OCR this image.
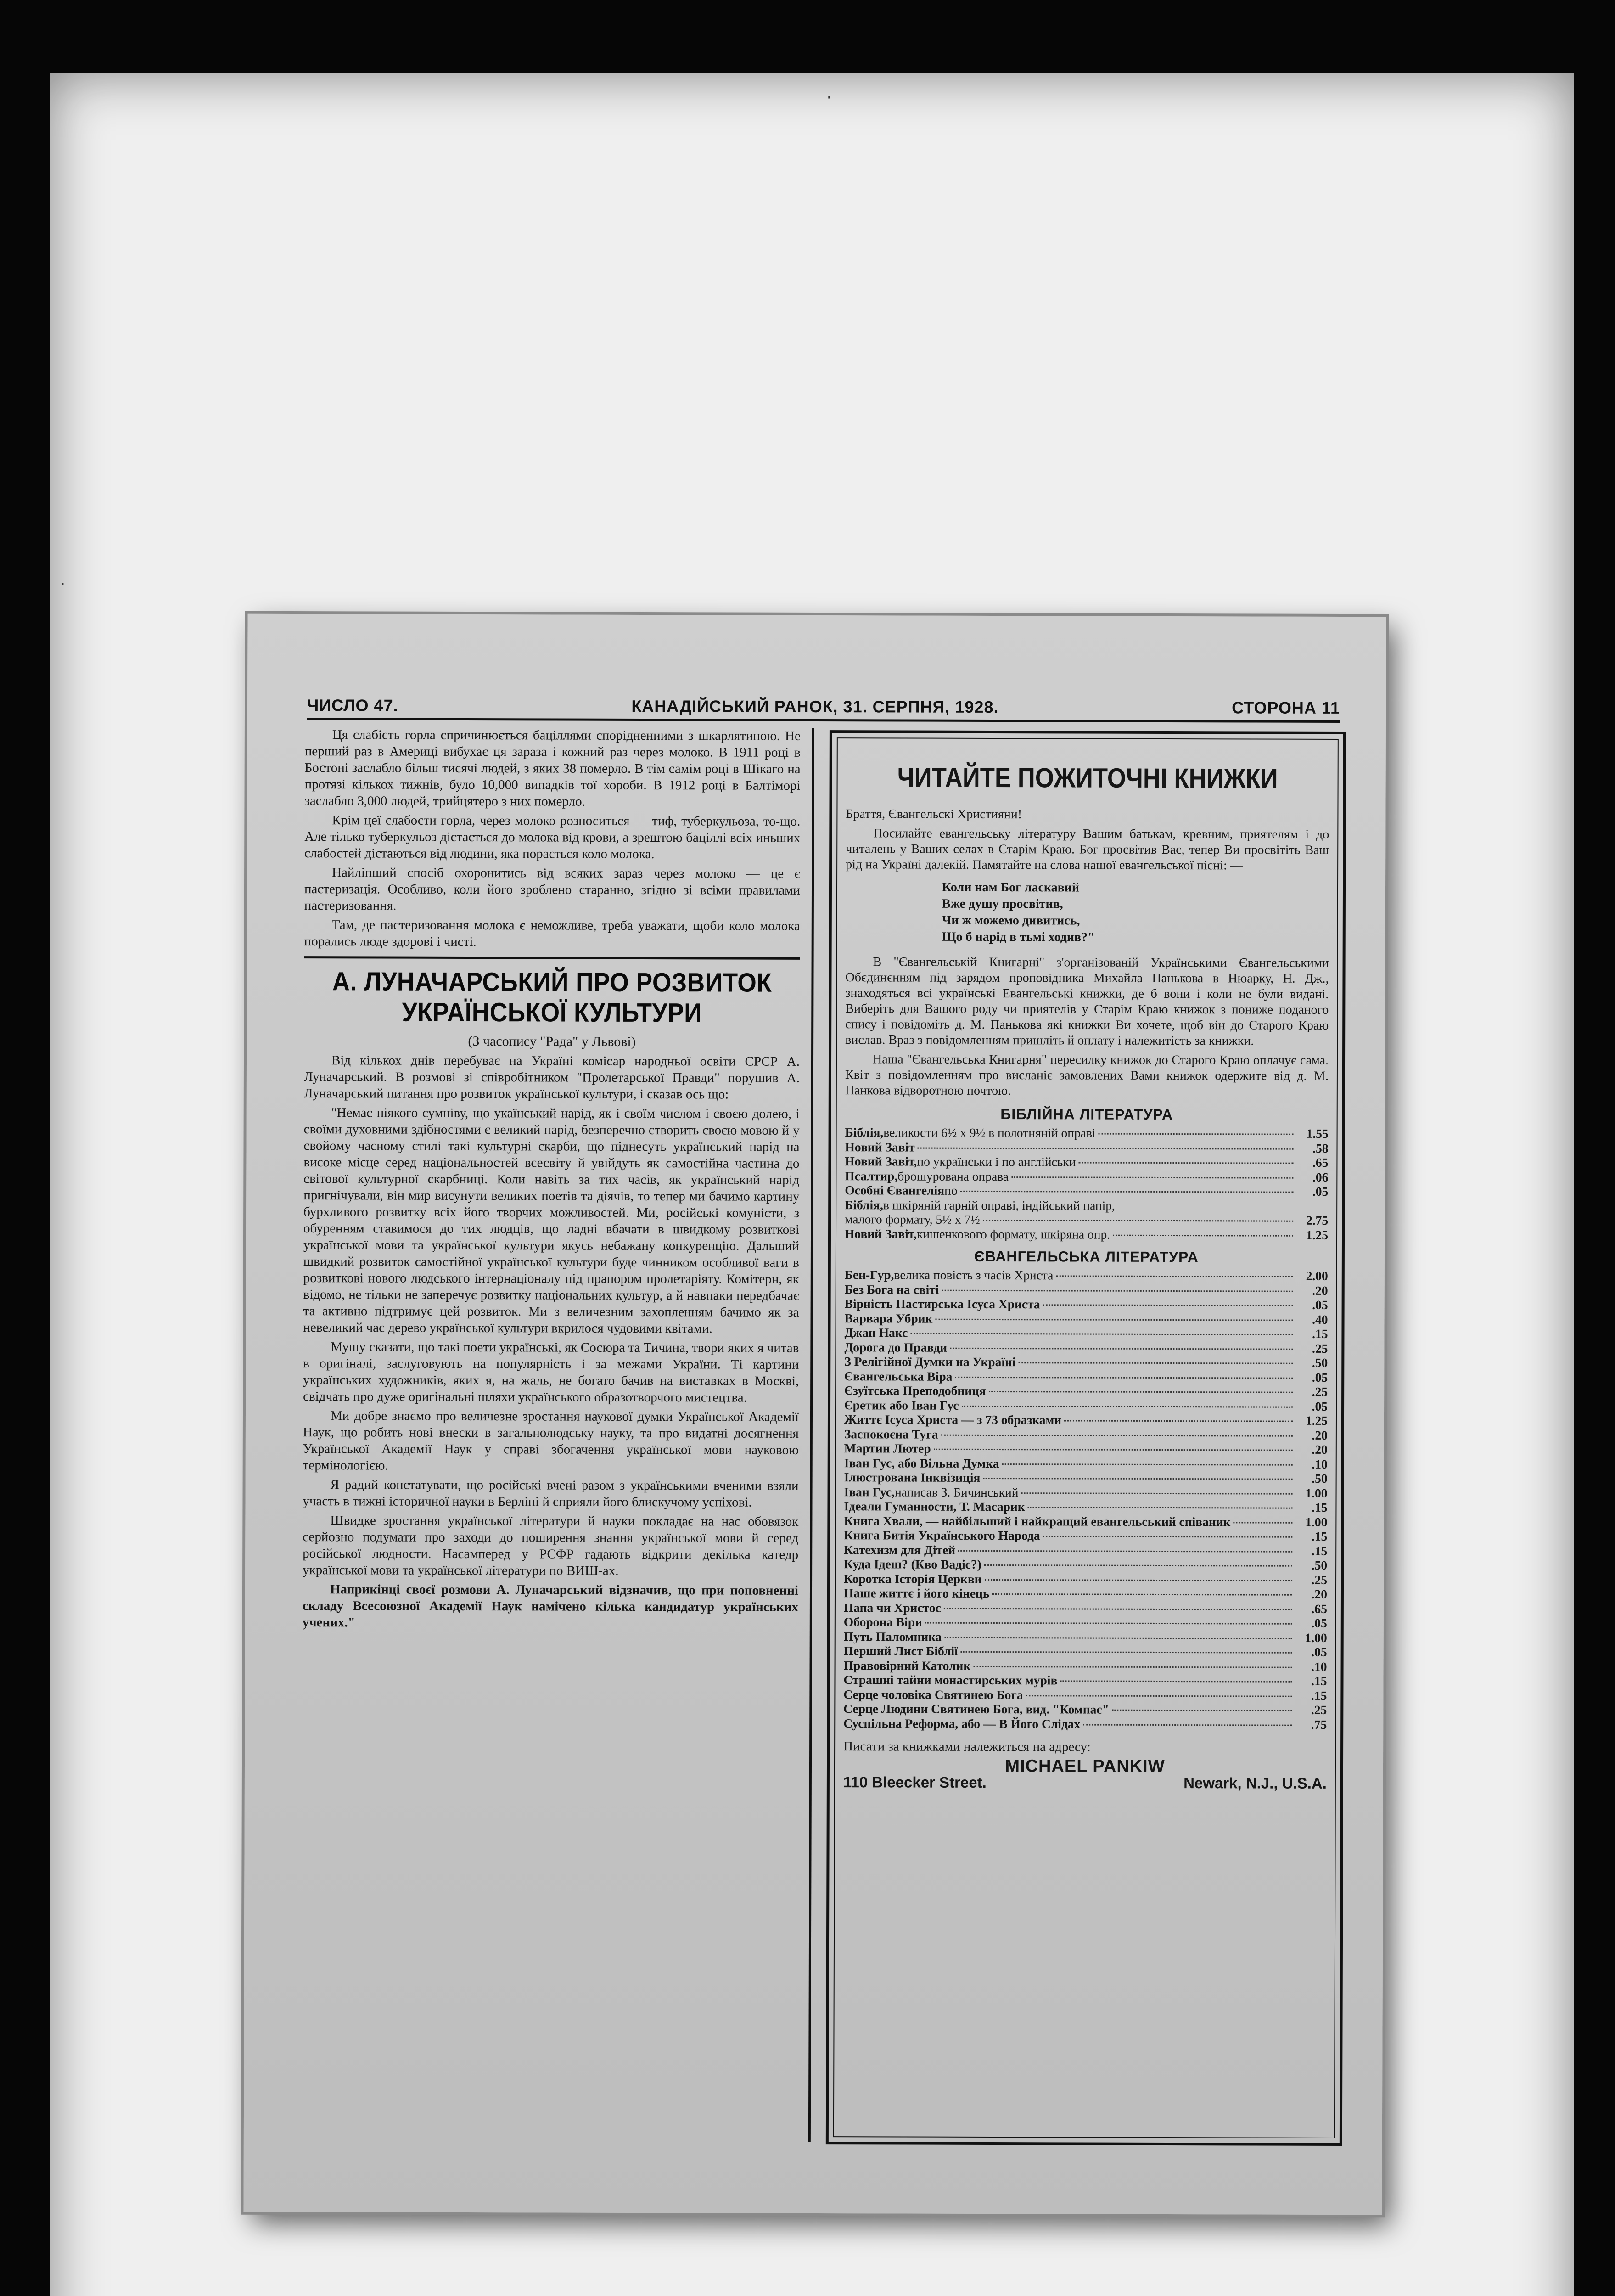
·
·
ЧИСЛО 47.	КАНАДІЙСЬКИЙ РАНОК, 31. СЕРПНЯ, 1928.	СТОРОНА 11

Ця слабість горла спричинюється баціллями споріднениими з шкарлятиною. Не перший раз в Америці вибухає ця зараза і кожний раз через молоко. В 1911 році в Бостоні заслабло більш тисячі людей, з яких 38 померло. В тім самім році в Шікаго на протязі кількох тижнів, було 10,000 випадків тої хороби. В 1912 році в Балтіморі заслабло 3,000 людей, трийцятеро з них померло.

Крім цеї слабости горла, через молоко розноситься — тиф, туберкульоза, то-що. Але тілько туберкульоз дістається до молока від крови, а зрештою баціллі всіх иньших слабостей дістаються від людини, яка порається коло молока.

Найліпший спосіб охоронитись від всяких зараз через молоко — це є пастеризація. Особливо, коли його зроблено старанно, згідно зі всіми правилами пастеризовання.

Там, де пастеризовання молока є неможливе, треба уважати, щоби коло молока порались люде здорові і чисті.

А. ЛУНАЧАРСЬКИЙ ПРО РОЗВИТОК УКРАЇНСЬКОЇ КУЛЬТУРИ
(З часопису "Рада" у Львові)

Від кількох днів перебуває на Україні комісар народньої освіти СРСР А. Луначарський. В розмові зі співробітником "Пролетарської Правди" порушив А. Луначарський питання про розвиток української культури, і сказав ось що:

"Немає ніякого сумніву, що укаїнський нарід, як і своїм числом і своєю долею, і своїми духовними здібностями є великий нарід, безперечно створить своєю мовою й у свойому часному стилі такі культурні скарби, що піднесуть український нарід на високе місце серед національностей всесвіту й увійдуть як самостійна частина до світової культурної скарбниці. Коли навіть за тих часів, як український нарід пригнічували, він мир висунути великих поетів та діячів, то тепер ми бачимо картину бурхливого розвитку всіх його творчих можливостей. Ми, російські комуністи, з обуренням ставимося до тих людців, що ладні вбачати в швидкому розвиткові української мови та української культури якусь небажану конкуренцію. Дальший швидкий розвиток самостійної української культури буде чинником особливої ваги в розвиткові нового людського інтернаціоналу під прапором пролетаріяту. Комітерн, як відомо, не тільки не заперечує розвитку національних культур, а й навпаки передбачає та активно підтримує цей розвиток. Ми з величезним захопленням бачимо як за невеликий час дерево української культури вкрилося чудовими квітами.

Мушу сказати, що такі поети українські, як Сосюра та Тичина, твори яких я читав в оригіналі, заслуговують на популярність і за межами України. Ті картини українських художників, яких я, на жаль, не богато бачив на виставках в Москві, свідчать про дуже оригінальні шляхи українського образотворчого мистецтва.

Ми добре знаємо про величезне зростання наукової думки Української Академії Наук, що робить нові внески в загальнолюдську науку, та про видатні досягнення Української Академії Наук у справі збогачення української мови науковою термінологією.

Я радий констатувати, що російські вчені разом з українськими вченими взяли участь в тижні історичної науки в Берліні й сприяли його блискучому успіхові.

Швидке зростання української літератури й науки покладає на нас обовязок серйозно подумати про заходи до поширення знання української мови й серед російської людности. Насамперед у РСФР гадають відкрити декілька катедр української мови та української літератури по ВИШ-ах.

Наприкінці своєї розмови А. Луначарський відзначив, що при поповненні складу Всесоюзної Академії Наук намічено кілька кандидатур українських учених."

ЧИТАЙТЕ ПОЖИТОЧНІ КНИЖКИ

Браття, Євангельскі Християни!

Посилайте евангельську літературу Вашим батькам, кревним, приятелям і до читалень у Ваших селах в Старім Краю. Бог просвітив Вас, тепер Ви просвітіть Ваш рід на Україні далекій. Памятайте на слова нашої евангельської пісні: —

Коли нам Бог ласкавий
Вже душу просвітив,
Чи ж можемо дивитись,
Що б нарід в тьмі ходив?"

В "Євангельській Книгарні" з'організованій Українськими Євангельськими Обєдинєнням під зарядом проповідника Михайла Панькова в Нюарку, Н. Дж., знаходяться всі українські Евангельські книжки, де б вони і коли не були видані. Виберіть для Вашого роду чи приятелів у Старім Краю книжок з пониже поданого спису і повідоміть д. М. Панькова які книжки Ви хочете, щоб він до Старого Краю вислав. Враз з повідомленням пришліть й оплату і належитість за книжки.

Наша "Євангельська Книгарня" пересилку книжок до Старого Краю оплачує сама. Квіт з повідомленням про висланіє замовлених Вами книжок одержите від д. М. Панкова відворотною почтою.

БІБЛІЙНА ЛІТЕРАТУРА
Біблія, великости 6½ x 9½ в полотняній оправі	1.55
Новий Завіт	.58
Новий Завіт, по українськи і по англійськи	.65
Псалтир, брошурована оправа	.06
Особні Євангелія по	.05
Біблія, в шкіряній гарній оправі, індійський папір,
малого формату, 5½ x 7½	2.75
Новий Завіт, кишенкового формату, шкіряна опр.	1.25
ЄВАНГЕЛЬСЬКА ЛІТЕРАТУРА
Бен-Гур, велика повість з часів Христа	2.00
Без Бога на світі	.20
Вірність Пастирська Ісуса Христа	.05
Варвара Убрик	.40
Джан Накс	.15
Дорога до Правди	.25
З Релігійної Думки на Україні	.50
Євангельська Віра	.05
Єзуїтська Преподобниця	.25
Єретик або Іван Гус	.05
Життє Ісуса Христа — з 73 образками	1.25
Заспокоєна Туга	.20
Мартин Лютер	.20
Іван Гус, або Вільна Думка	.10
Ілюстрована Інквізиція	.50
Іван Гус, написав З. Бичинський	1.00
Ідеали Гуманности, Т. Масарик	.15
Книга Хвали, — найбільший і найкращий евангельський співаник	1.00
Книга Битія Українського Народа	.15
Катехизм для Дітей	.15
Куда Ідеш? (Кво Вадіс?)	.50
Коротка Історія Церкви	.25
Наше життє і його кінець	.20
Папа чи Христос	.65
Оборона Віри	.05
Путь Паломника	1.00
Перший Лист Біблії	.05
Правовірний Католик	.10
Страшні тайни монастирських мурів	.15
Серце чоловіка Святинею Бога	.15
Серце Людини Святинею Бога, вид. "Компас"	.25
Суспільна Реформа, або — В Його Слідах	.75

Писати за книжками належиться на адресу:

MICHAEL PANKIW
110 Bleecker Street.	Newark, N.J., U.S.A.
